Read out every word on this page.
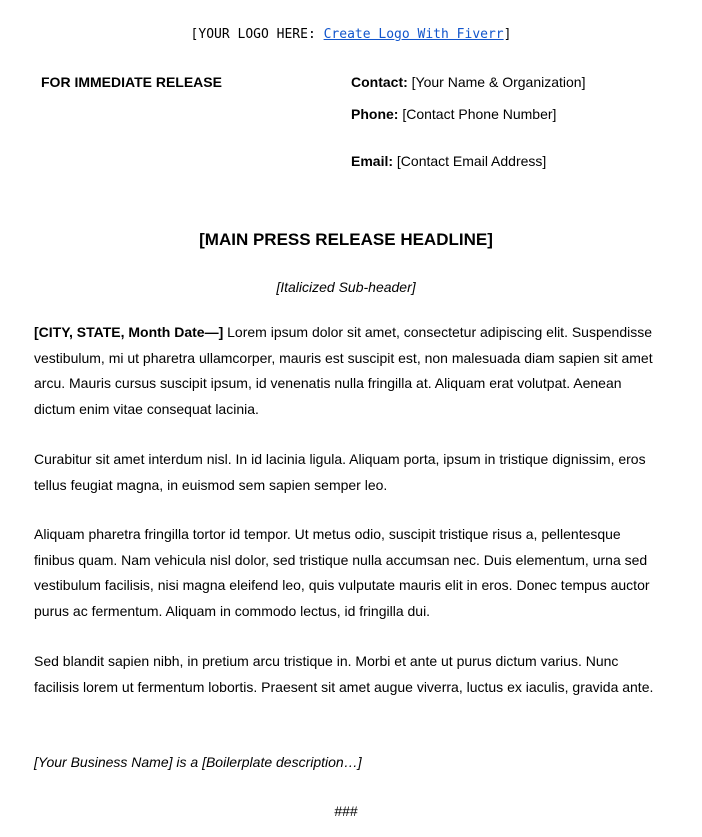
[YOUR LOGO HERE: Create Logo With Fiverr]
FOR IMMEDIATE RELEASE	Contact: [Your Name & Organization]
Phone: [Contact Phone Number]
Email: [Contact Email Address]
[MAIN PRESS RELEASE HEADLINE]
[Italicized Sub-header]

[CITY, STATE, Month Date—] Lorem ipsum dolor sit amet, consectetur adipiscing elit. Suspendisse vestibulum, mi ut pharetra ullamcorper, mauris est suscipit est, non malesuada diam sapien sit amet arcu. Mauris cursus suscipit ipsum, id venenatis nulla fringilla at. Aliquam erat volutpat. Aenean dictum enim vitae consequat lacinia.

Curabitur sit amet interdum nisl. In id lacinia ligula. Aliquam porta, ipsum in tristique dignissim, eros tellus feugiat magna, in euismod sem sapien semper leo.

Aliquam pharetra fringilla tortor id tempor. Ut metus odio, suscipit tristique risus a, pellentesque finibus quam. Nam vehicula nisl dolor, sed tristique nulla accumsan nec. Duis elementum, urna sed vestibulum facilisis, nisi magna eleifend leo, quis vulputate mauris elit in eros. Donec tempus auctor purus ac fermentum. Aliquam in commodo lectus, id fringilla dui.

Sed blandit sapien nibh, in pretium arcu tristique in. Morbi et ante ut purus dictum varius. Nunc facilisis lorem ut fermentum lobortis. Praesent sit amet augue viverra, luctus ex iaculis, gravida ante.

[Your Business Name] is a [Boilerplate description…]
###
